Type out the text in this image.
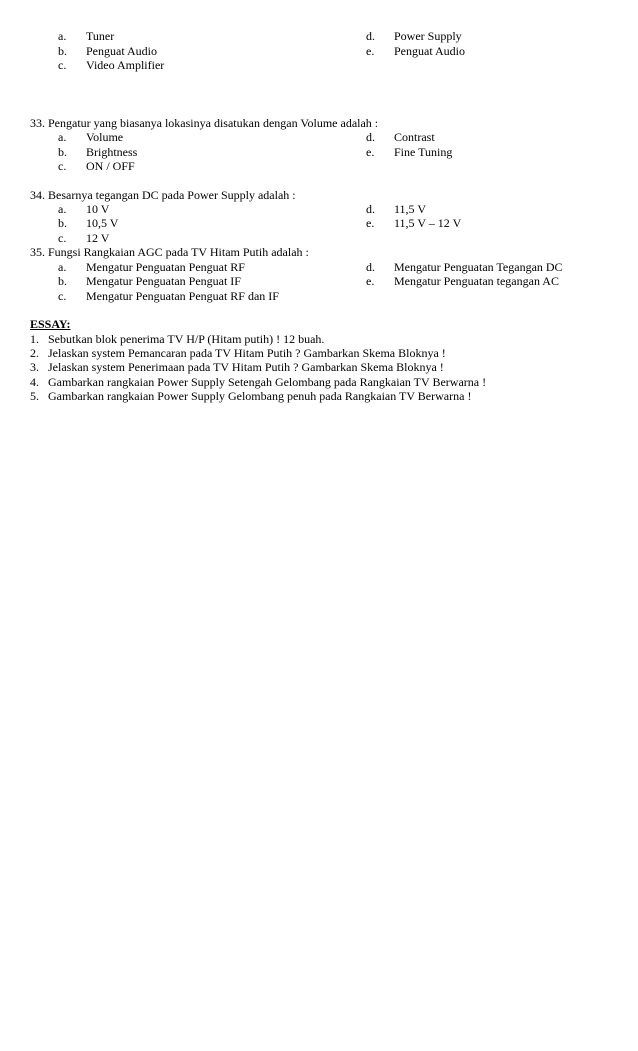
a. Tuner	d. Power Supply
b. Penguat Audio	e. Penguat Audio
c. Video Amplifier
33. Pengatur yang biasanya lokasinya disatukan dengan Volume adalah :
a. Volume	d. Contrast
b. Brightness	e. Fine Tuning
c. ON / OFF
34. Besarnya tegangan DC pada Power Supply adalah :
a. 10 V	d. 11,5 V
b. 10,5 V	e. 11,5 V – 12 V
c. 12 V
35. Fungsi Rangkaian AGC pada TV Hitam Putih adalah :
a. Mengatur Penguatan Penguat RF	d. Mengatur Penguatan Tegangan DC
b. Mengatur Penguatan Penguat IF	e. Mengatur Penguatan tegangan AC
c. Mengatur Penguatan Penguat RF dan IF
ESSAY:
1. Sebutkan blok penerima TV H/P (Hitam putih) ! 12 buah.
2. Jelaskan system Pemancaran pada TV Hitam Putih ? Gambarkan Skema Bloknya !
3. Jelaskan system Penerimaan pada TV Hitam Putih ? Gambarkan Skema Bloknya !
4. Gambarkan rangkaian Power Supply Setengah Gelombang pada Rangkaian TV Berwarna !
5. Gambarkan rangkaian Power Supply Gelombang penuh pada Rangkaian TV Berwarna !
